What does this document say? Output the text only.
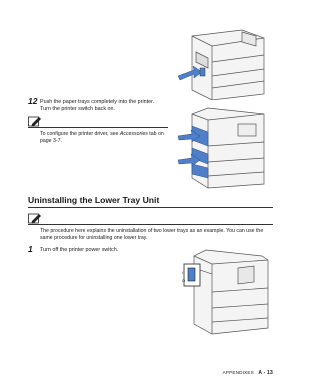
12 Push the paper trays completely into the printer.
Turn the printer switch back on.
To configure the printer driver, see Accessories tab on
page 3-7.
Uninstalling the Lower Tray Unit
The procedure here explains the uninstallation of two lower trays as an example. You can use the
same procedure for uninstalling one lower tray.
1 Turn off the printer power switch.
I
O
APPENDIXES A - 13
